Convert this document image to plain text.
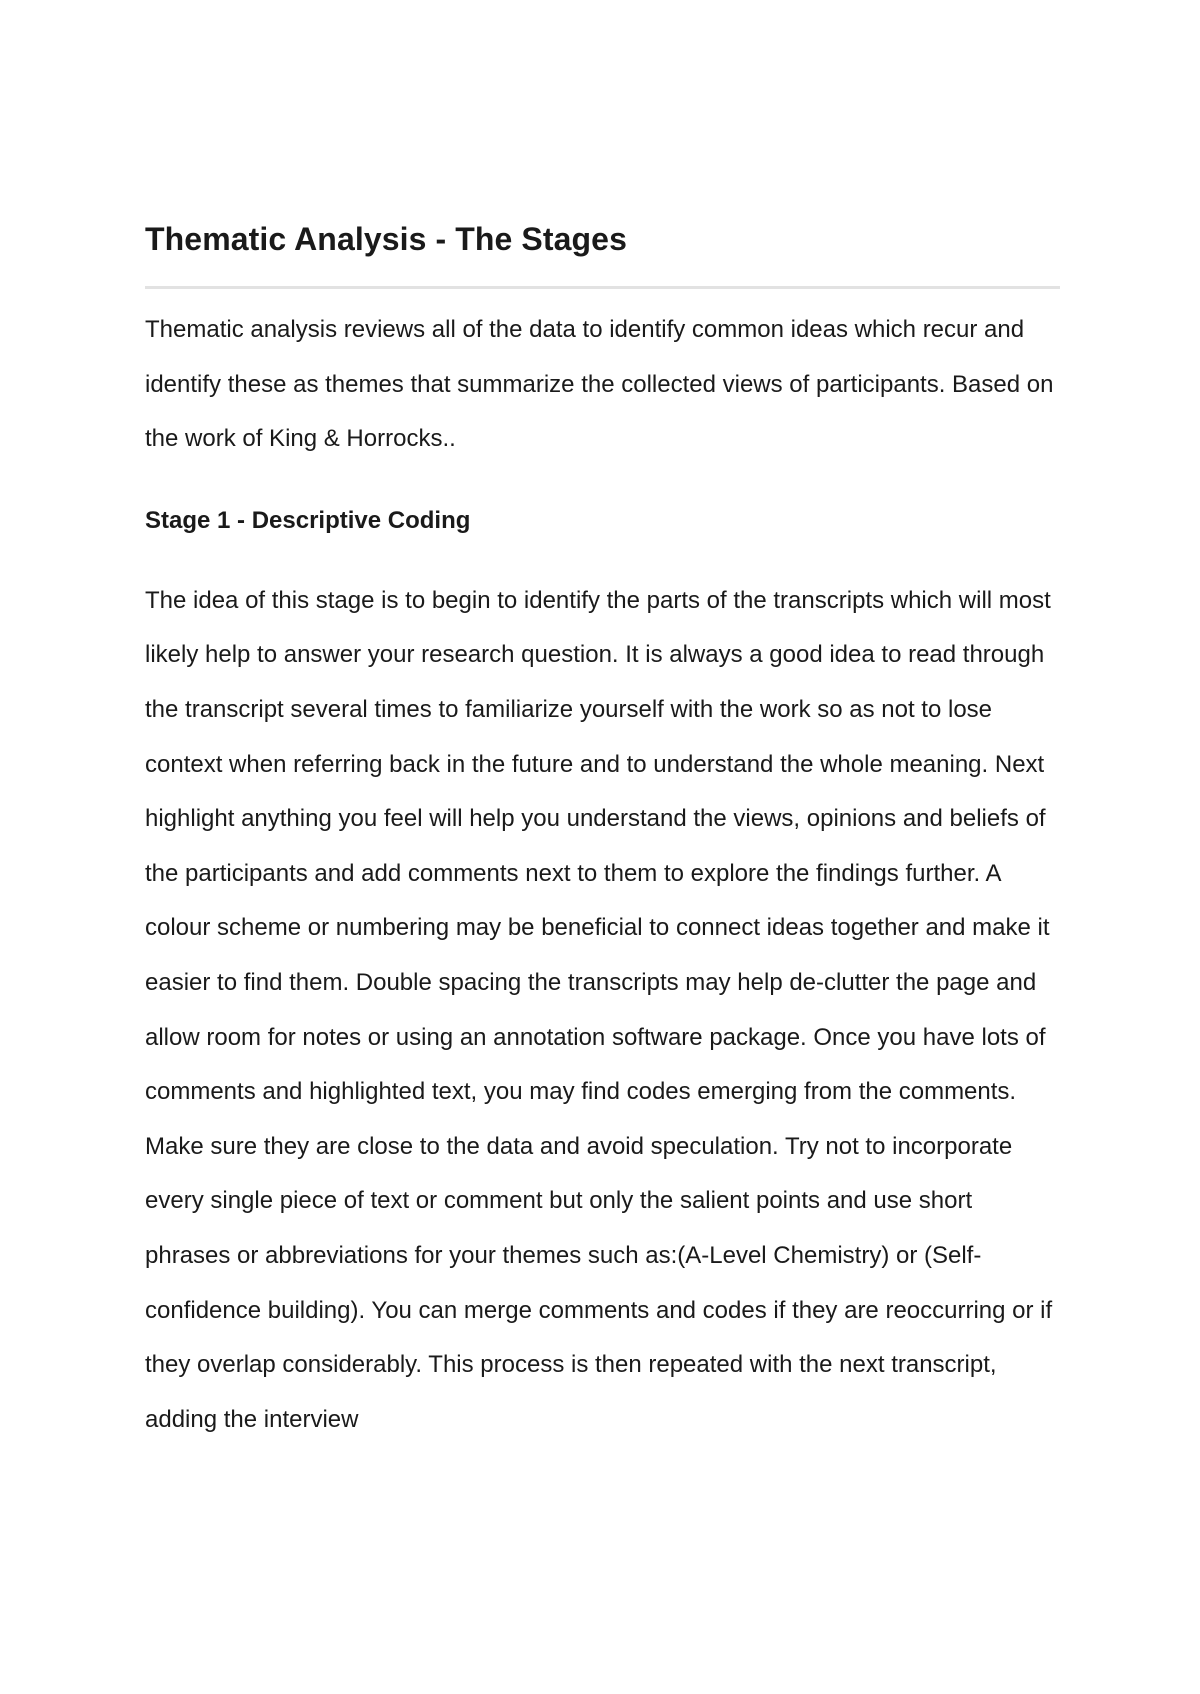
Thematic Analysis - The Stages

Thematic analysis reviews all of the data to identify common ideas which recur and identify these as themes that summarize the collected views of participants. Based on the work of King & Horrocks..

Stage 1 - Descriptive Coding

The idea of this stage is to begin to identify the parts of the transcripts which will most likely help to answer your research question. It is always a good idea to read through the transcript several times to familiarize yourself with the work so as not to lose context when referring back in the future and to understand the whole meaning. Next highlight anything you feel will help you understand the views, opinions and beliefs of the participants and add comments next to them to explore the findings further. A colour scheme or numbering may be beneficial to connect ideas together and make it easier to find them. Double spacing the transcripts may help de-clutter the page and allow room for notes or using an annotation software package. Once you have lots of comments and highlighted text, you may find codes emerging from the comments. Make sure they are close to the data and avoid speculation. Try not to incorporate every single piece of text or comment but only the salient points and use short phrases or abbreviations for your themes such as:(A-Level Chemistry) or (Self-confidence building). You can merge comments and codes if they are reoccurring or if they overlap considerably. This process is then repeated with the next transcript, adding the interview
